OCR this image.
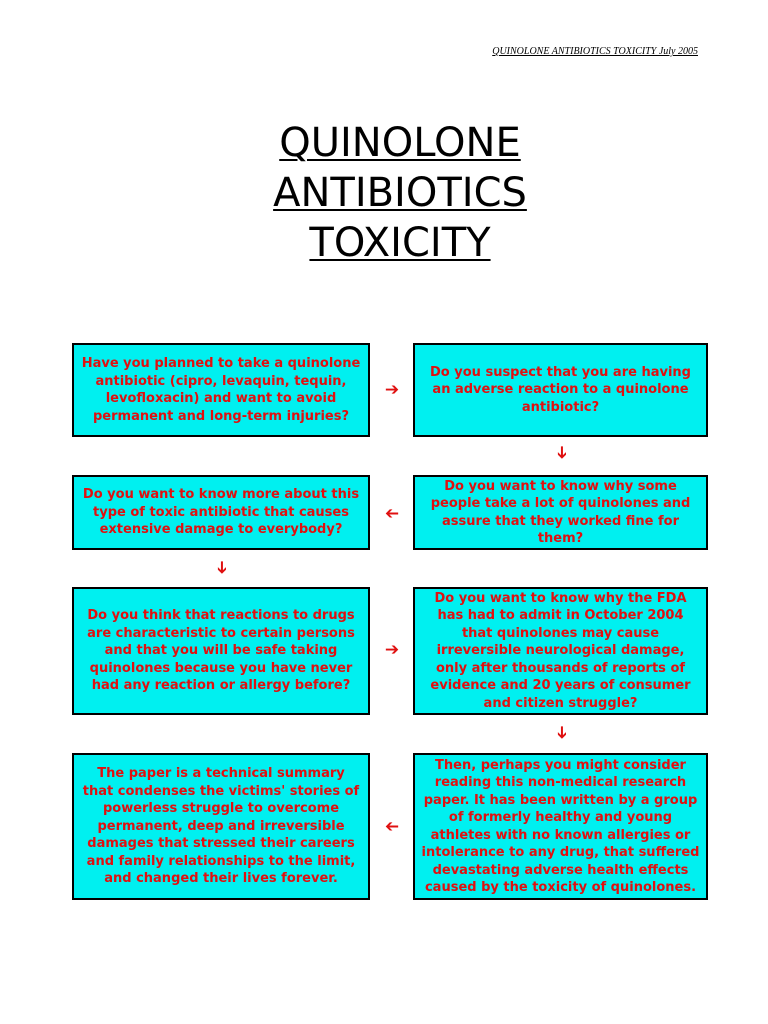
QUINOLONE ANTIBIOTICS TOXICITY July 2005
QUINOLONE
ANTIBIOTICS
TOXICITY
Have you planned to take a quinolone antibiotic (cipro, levaquin, tequin, levofloxacin) and want to avoid permanent and long-term injuries?
➔
Do you suspect that you are having an adverse reaction to a quinolone antibiotic?
➔
Do you want to know more about this type of toxic antibiotic that causes extensive damage to everybody?
➔
Do you want to know why some people take a lot of quinolones and assure that they worked fine for them?
➔
Do you think that reactions to drugs are characteristic to certain persons and that you will be safe taking quinolones because you have never had any reaction or allergy before?
➔
Do you want to know why the FDA has had to admit in October 2004 that quinolones may cause irreversible neurological damage, only after thousands of reports of evidence and 20 years of consumer and citizen struggle?
➔
The paper is a technical summary that condenses the victims' stories of powerless struggle to overcome permanent, deep and irreversible damages that stressed their careers and family relationships to the limit, and changed their lives forever.
➔
Then, perhaps you might consider reading this non-medical research paper. It has been written by a group of formerly healthy and young athletes with no known allergies or intolerance to any drug, that suffered devastating adverse health effects caused by the toxicity of quinolones.
